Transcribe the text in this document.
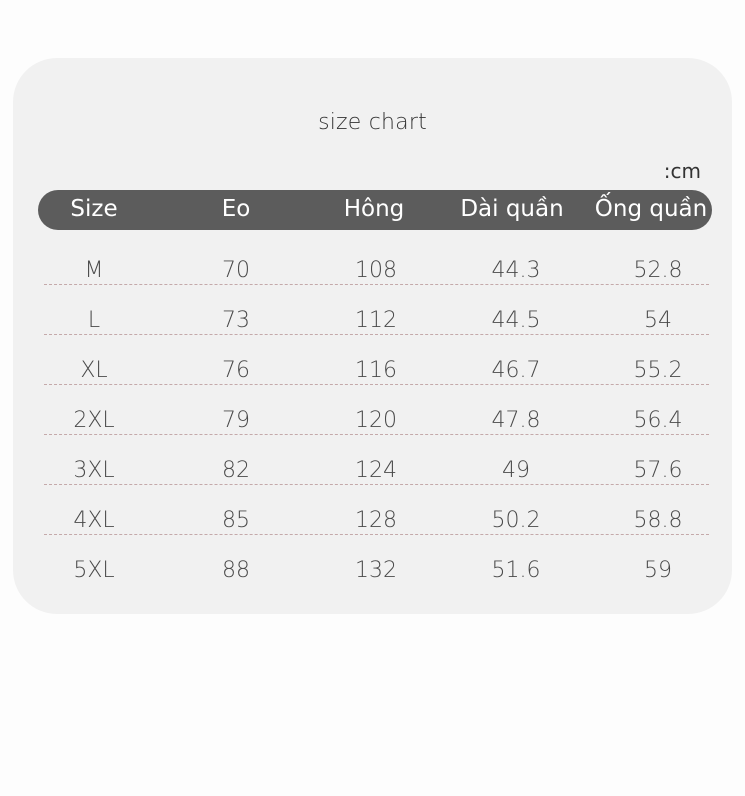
size chart
:cm
Size	Eo	Hông	Dài quần	Ống quần
M	70	108	44.3	52.8
L	73	112	44.5	54
XL	76	116	46.7	55.2
2XL	79	120	47.8	56.4
3XL	82	124	49	57.6
4XL	85	128	50.2	58.8
5XL	88	132	51.6	59
